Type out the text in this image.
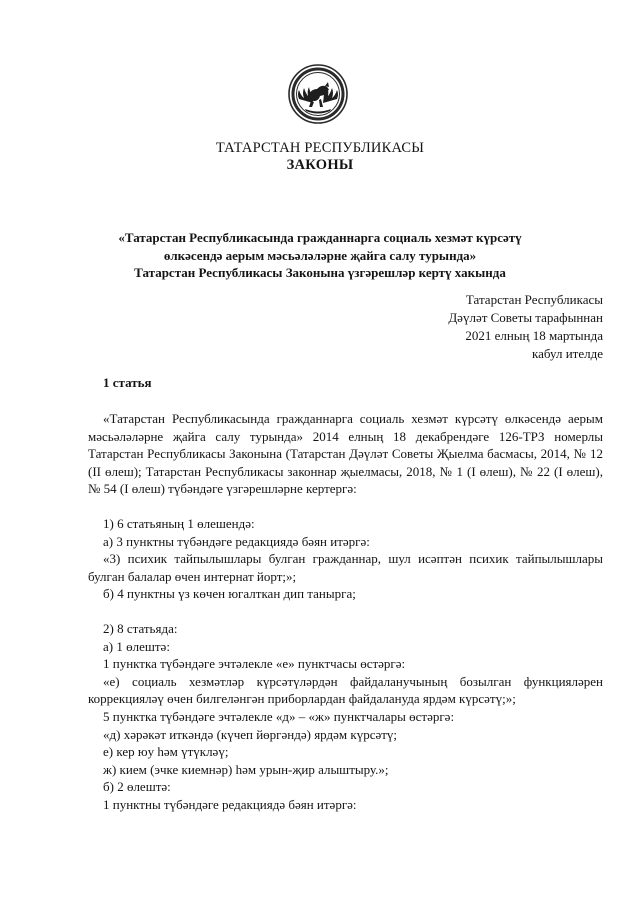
ТАТАРСТАН РЕСПУБЛИКАСЫ
ЗАКОНЫ
«Татарстан Республикасында гражданнарга социаль хезмәт күрсәтү
өлкәсендә аерым мәсьәләләрне җайга салу турында»
Татарстан Республикасы Законына үзгәрешләр кертү хакында
Татарстан Республикасы
Дәүләт Советы тарафыннан
2021 елның 18 мартында
кабул ителде
1 статья

«Татарстан Республикасында гражданнарга социаль хезмәт күрсәтү өлкәсендә аерым мәсьәләләрне җайга салу турында» 2014 елның 18 декабрендәге 126-ТРЗ номерлы Татарстан Республикасы Законына (Татарстан Дәүләт Советы Җыелма басмасы, 2014, № 12 (II өлеш); Татарстан Республикасы законнар җыелмасы, 2018, № 1 (I өлеш), № 22 (I өлеш), № 54 (I өлеш) түбәндәге үзгәрешләрне кертергә:

1) 6 статьяның 1 өлешендә:

а) 3 пунктны түбәндәге редакциядә бәян итәргә:

«3) психик тайпылышлары булган гражданнар, шул исәптән психик тайпылышлары булган балалар өчен интернат йорт;»;

б) 4 пунктны үз көчен югалткан дип танырга;

2) 8 статьяда:

а) 1 өлештә:

1 пунктка түбәндәге эчтәлекле «е» пунктчасы өстәргә:

«е) социаль хезмәтләр күрсәтүләрдән файдаланучының бозылган функцияләрен коррекцияләү өчен билгеләнгән приборлардан файдалануда ярдәм күрсәтү;»;

5 пунктка түбәндәге эчтәлекле «д» – «ж» пунктчалары өстәргә:

«д) хәрәкәт иткәндә (күчеп йөргәндә) ярдәм күрсәтү;

е) кер юу һәм үтүкләү;

ж) кием (эчке киемнәр) һәм урын-җир алыштыру.»;

б) 2 өлештә:

1 пунктны түбәндәге редакциядә бәян итәргә:
